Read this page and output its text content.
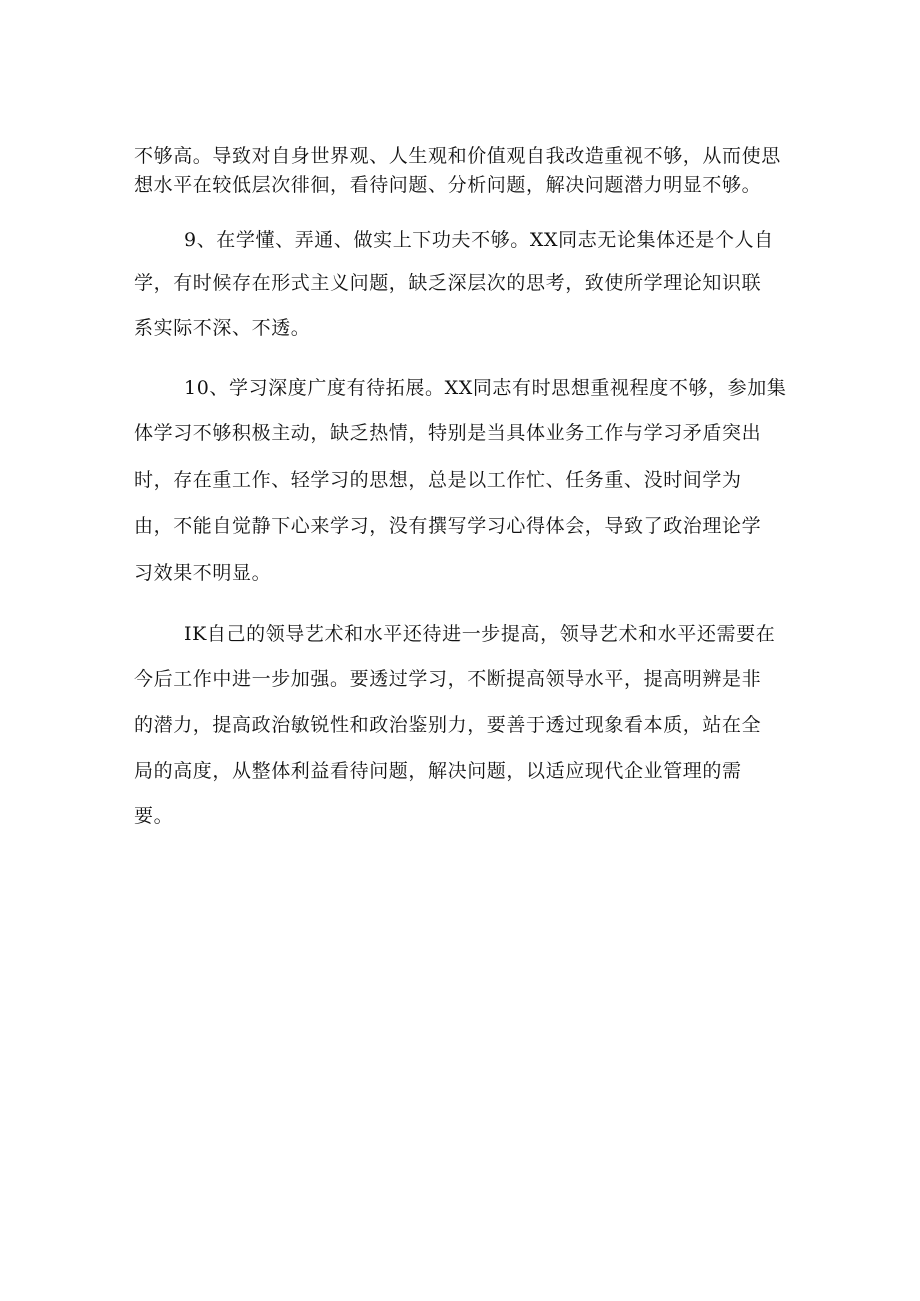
不够高。导致对自身世界观、人生观和价值观自我改造重视不够，从而使思
想水平在较低层次徘徊，看待问题、分析问题，解决问题潜力明显不够。
9、在学懂、弄通、做实上下功夫不够。XX同志无论集体还是个人自
学，有时候存在形式主义问题，缺乏深层次的思考，致使所学理论知识联
系实际不深、不透。
10、学习深度广度有待拓展。XX同志有时思想重视程度不够，参加集
体学习不够积极主动，缺乏热情，特别是当具体业务工作与学习矛盾突出
时，存在重工作、轻学习的思想，总是以工作忙、任务重、没时间学为
由，不能自觉静下心来学习，没有撰写学习心得体会，导致了政治理论学
习效果不明显。
IK自己的领导艺术和水平还待进一步提高，领导艺术和水平还需要在
今后工作中进一步加强。要透过学习，不断提高领导水平，提高明辨是非
的潜力，提高政治敏锐性和政治鉴别力，要善于透过现象看本质，站在全
局的高度，从整体利益看待问题，解决问题，以适应现代企业管理的需
要。
